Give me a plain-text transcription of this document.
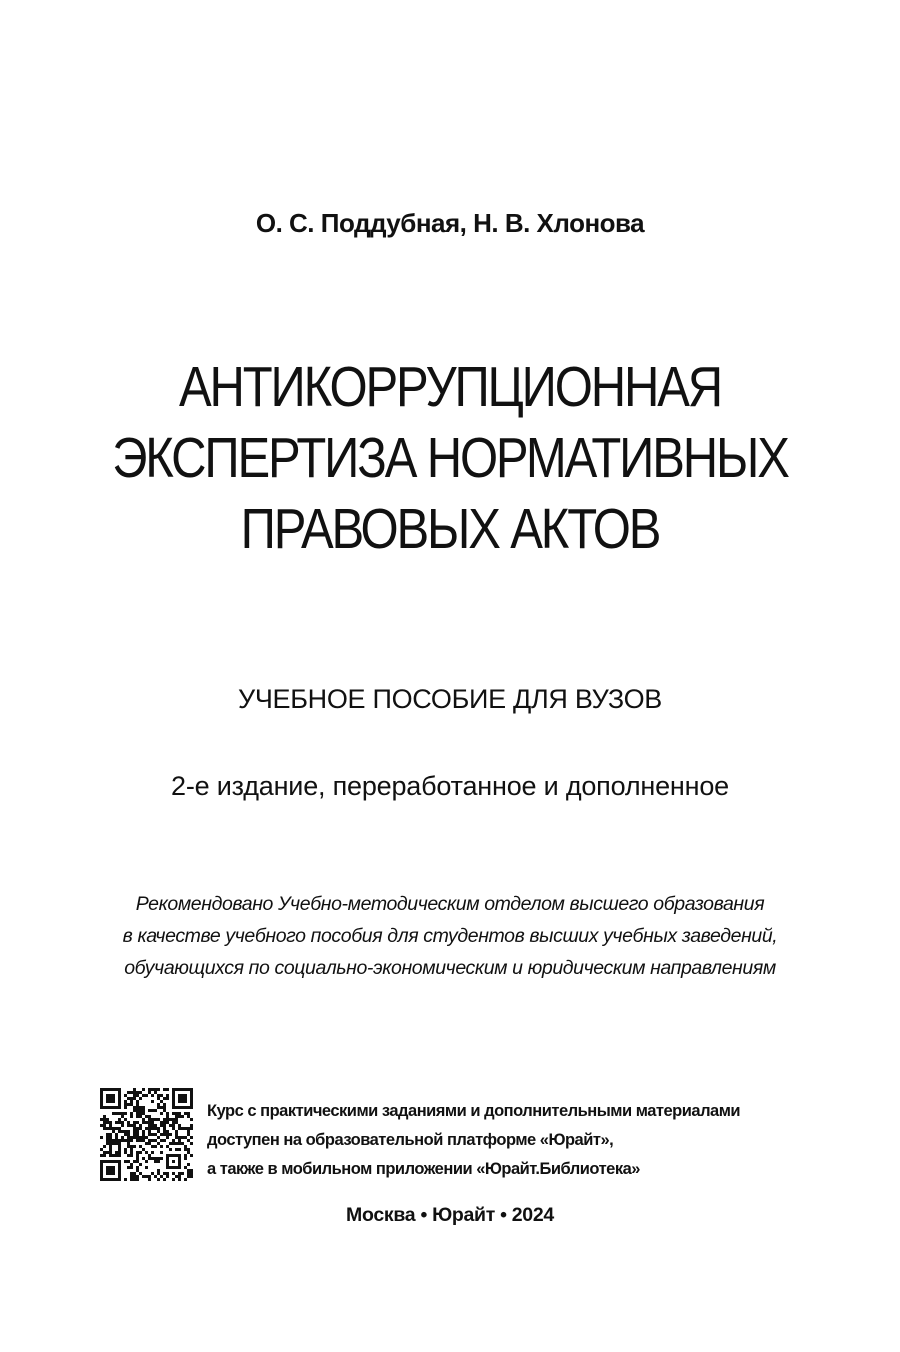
О. С. Поддубная, Н. В. Хлонова
АНТИКОРРУПЦИОННАЯ
ЭКСПЕРТИЗА НОРМАТИВНЫХ
ПРАВОВЫХ АКТОВ
УЧЕБНОЕ ПОСОБИЕ ДЛЯ ВУЗОВ
2-е издание, переработанное и дополненное
Рекомендовано Учебно-методическим отделом высшего образования
в качестве учебного пособия для студентов высших учебных заведений,
обучающихся по социально-экономическим и юридическим направлениям
Курс с практическими заданиями и дополнительными материалами
доступен на образовательной платформе «Юрайт»,
а также в мобильном приложении «Юрайт.Библиотека»
Москва • Юрайт • 2024
